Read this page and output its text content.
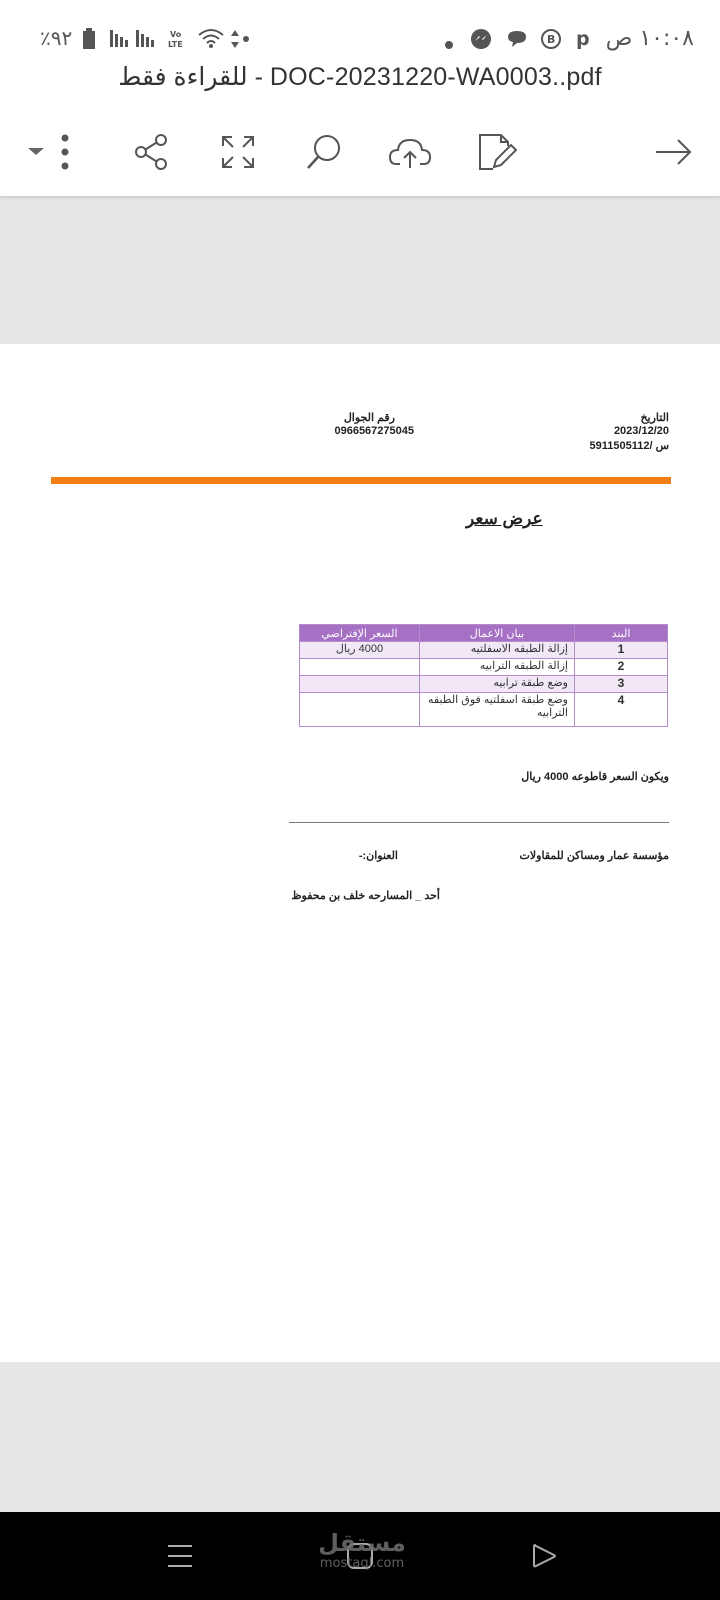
١٠:٠٨ ص
B p
٪٩٢	Vo
LTE
للقراءة فقط - DOC-20231220-WA0003..pdf
التاريخ
2023/12/20
س /5911505112
رقم الجوال
0966567275045
عرض سعر
البند	بيان الاعمال	السعر الإفتراضي
1	إزالة الطبقه الاسفلتيه	4000 ريال
2	إزالة الطبقه الترابيه	
3	وضع طبقة ترابيه	
4	وضع طبقة اسفلتيه فوق الطبقه الترابيه	
ويكون السعر قاطوعه 4000 ريال
مؤسسة عمار ومساكن للمقاولات
العنوان:-
أحد _ المسارحه خلف بن محفوظ
مستقل
mostaql.com
